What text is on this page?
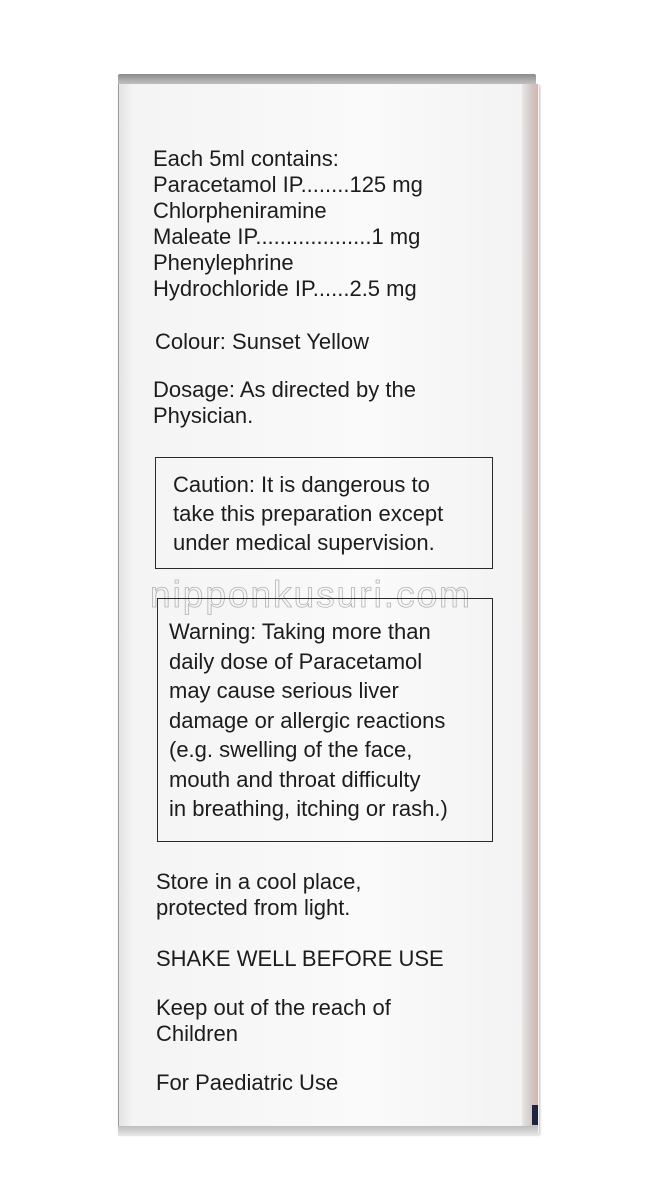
Each 5ml contains:
Paracetamol IP........125 mg
Chlorpheniramine
Maleate IP...................1 mg
Phenylephrine
Hydrochloride IP......2.5 mg
Colour: Sunset Yellow
Dosage: As directed by the
Physician.
Caution: It is dangerous to
take this preparation except
under medical supervision.
nipponkusuri.com
Warning: Taking more than
daily dose of Paracetamol
may cause serious liver
damage or allergic reactions
(e.g. swelling of the face,
mouth and throat difficulty
in breathing, itching or rash.)
Store in a cool place,
protected from light.
SHAKE WELL BEFORE USE
Keep out of the reach of
Children
For Paediatric Use
